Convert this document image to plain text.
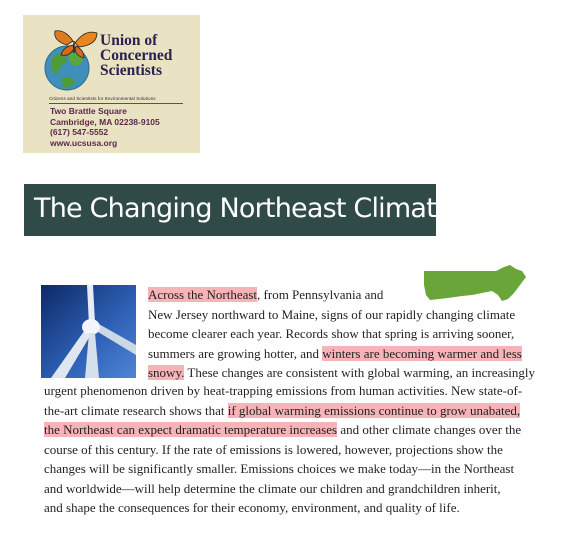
Union of
Concerned
Scientists
Citizens and Scientists for Environmental Solutions
Two Brattle Square
Cambridge, MA 02238-9105
(617) 547-5552
www.ucsusa.org
The Changing Northeast Climate
Across the Northeast, from Pennsylvania and
New Jersey northward to Maine, signs of our rapidly changing climate
become clearer each year. Records show that spring is arriving sooner,
summers are growing hotter, and winters are becoming warmer and less
snowy. These changes are consistent with global warming, an increasingly
urgent phenomenon driven by heat-trapping emissions from human activities. New state-of-
the-art climate research shows that if global warming emissions continue to grow unabated,
the Northeast can expect dramatic temperature increases and other climate changes over the
course of this century. If the rate of emissions is lowered, however, projections show the
changes will be significantly smaller. Emissions choices we make today—in the Northeast
and worldwide—will help determine the climate our children and grandchildren inherit,
and shape the consequences for their economy, environment, and quality of life.
